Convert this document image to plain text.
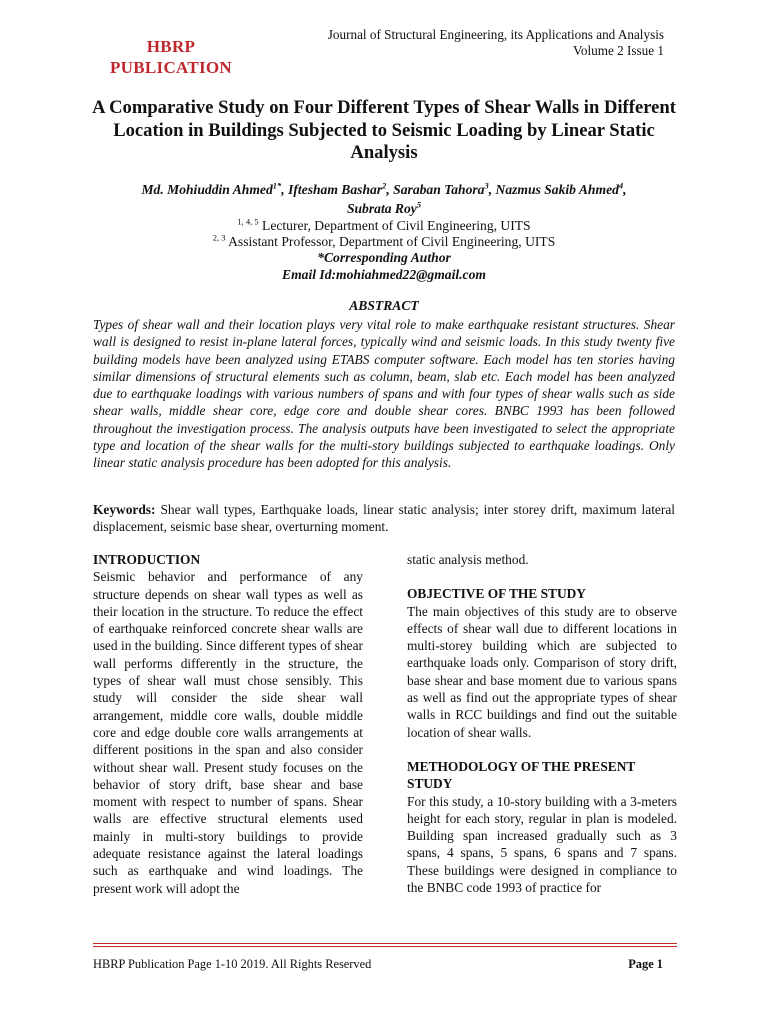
HBRP
PUBLICATION
Journal of Structural Engineering, its Applications and Analysis
Volume 2 Issue 1
A Comparative Study on Four Different Types of Shear Walls in Different Location in Buildings Subjected to Seismic Loading by Linear Static Analysis
Md. Mohiuddin Ahmed$^{1*}$, Iftesham Bashar$^2$, Saraban Tahora$^3$, Nazmus Sakib Ahmed$^4$,
Subrata Roy$^5$
$^{1, 4, 5}$ Lecturer, Department of Civil Engineering, UITS
$^{2, 3}$ Assistant Professor, Department of Civil Engineering, UITS
*Corresponding Author
Email Id:mohiahmed22@gmail.com
ABSTRACT

Types of shear wall and their location plays very vital role to make earthquake resistant structures. Shear wall is designed to resist in-plane lateral forces, typically wind and seismic loads. In this study twenty five building models have been analyzed using ETABS computer software. Each model has ten stories having similar dimensions of structural elements such as column, beam, slab etc. Each model has been analyzed due to earthquake loadings with various numbers of spans and with four types of shear walls such as side shear walls, middle shear core, edge core and double shear cores. BNBC 1993 has been followed throughout the investigation process. The analysis outputs have been investigated to select the appropriate type and location of the shear walls for the multi-story buildings subjected to earthquake loadings. Only linear static analysis procedure has been adopted for this analysis.

Keywords: Shear wall types, Earthquake loads, linear static analysis; inter storey drift, maximum lateral displacement, seismic base shear, overturning moment.

INTRODUCTION

Seismic behavior and performance of any structure depends on shear wall types as well as their location in the structure. To reduce the effect of earthquake reinforced concrete shear walls are used in the building. Since different types of shear wall performs differently in the structure, the types of shear wall must chose sensibly. This study will consider the side shear wall arrangement, middle core walls, double middle core and edge double core walls arrangements at different positions in the span and also consider without shear wall. Present study focuses on the behavior of story drift, base shear and base moment with respect to number of spans. Shear walls are effective structural elements used mainly in multi-story buildings to provide adequate resistance against the lateral loadings such as earthquake and wind loadings. The present work will adopt the

static analysis method.

OBJECTIVE OF THE STUDY

The main objectives of this study are to observe effects of shear wall due to different locations in multi-storey building which are subjected to earthquake loads only. Comparison of story drift, base shear and base moment due to various spans as well as find out the appropriate types of shear walls in RCC buildings and find out the suitable location of shear walls.

METHODOLOGY OF THE PRESENT STUDY

For this study, a 10-story building with a 3-meters height for each story, regular in plan is modeled. Building span increased gradually such as 3 spans, 4 spans, 5 spans, 6 spans and 7 spans. These buildings were designed in compliance to the BNBC code 1993 of practice for

HBRP Publication Page 1-10 2019. All Rights Reserved	Page 1
